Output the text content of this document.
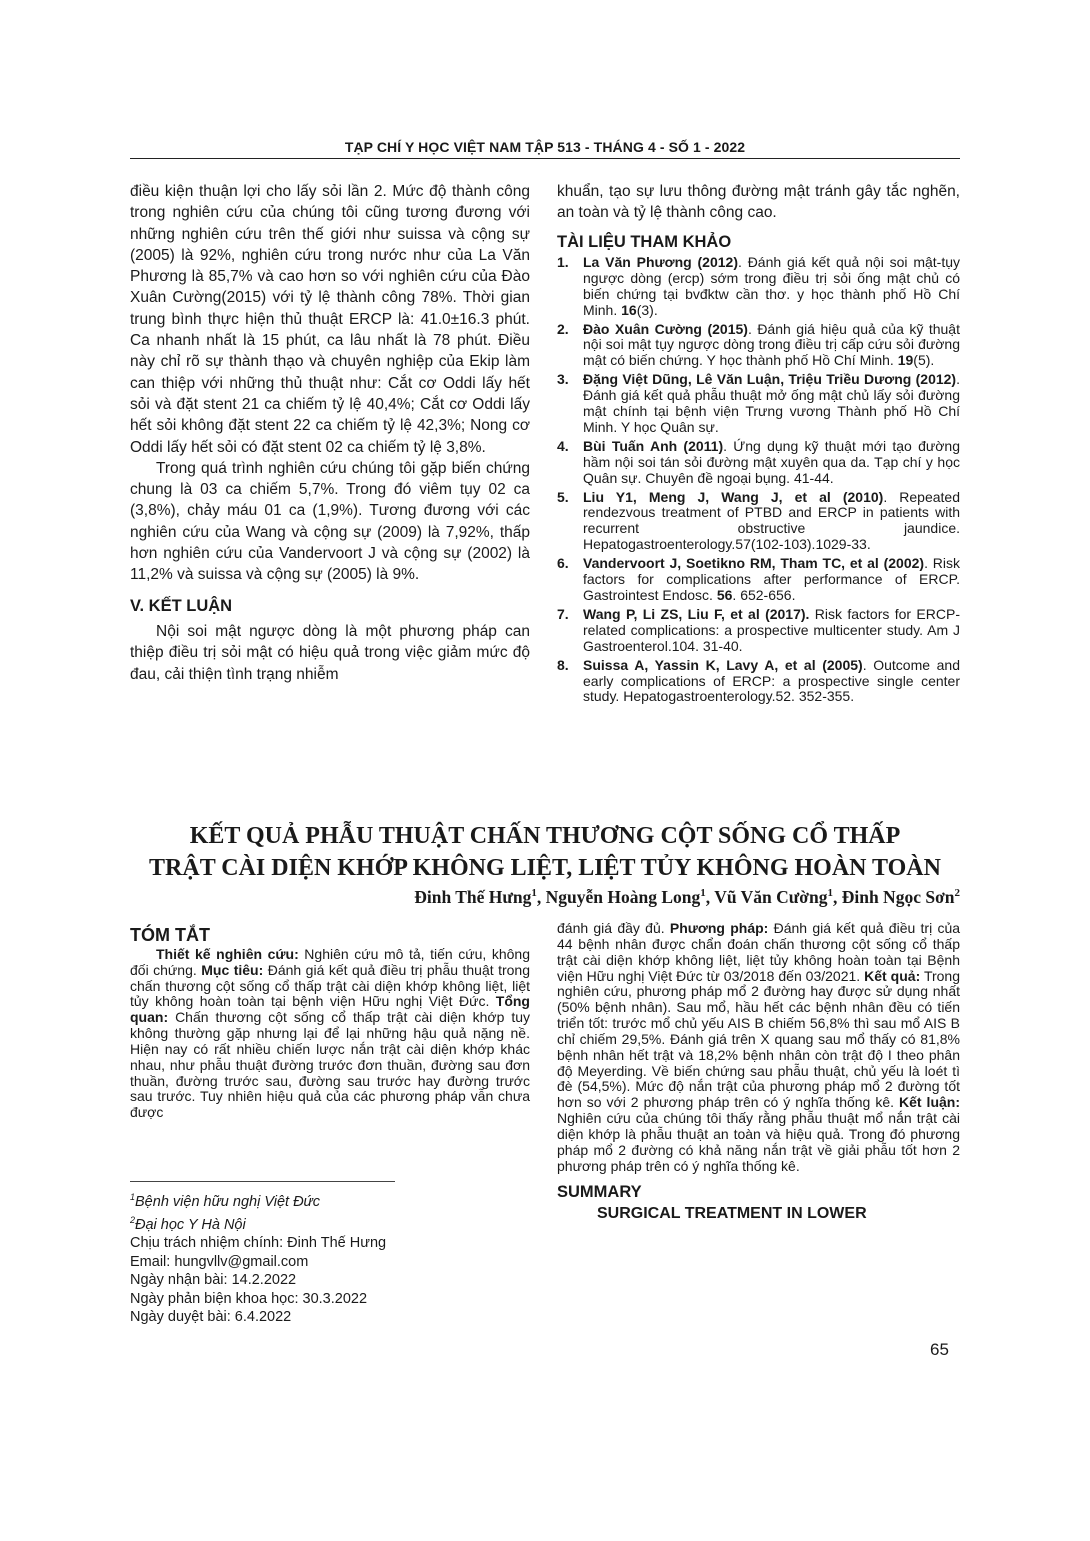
TẠP CHÍ Y HỌC VIỆT NAM TẬP 513 - THÁNG 4 - SỐ 1 - 2022

điều kiện thuận lợi cho lấy sỏi lần 2. Mức độ thành công trong nghiên cứu của chúng tôi cũng tương đương với những nghiên cứu trên thế giới như suissa và cộng sự (2005) là 92%, nghiên cứu trong nước như của La Văn Phương là 85,7% và cao hơn so với nghiên cứu của Đào Xuân Cường(2015) với tỷ lệ thành công 78%. Thời gian trung bình thực hiện thủ thuật ERCP là: 41.0±16.3 phút. Ca nhanh nhất là 15 phút, ca lâu nhất là 78 phút. Điều này chỉ rõ sự thành thạo và chuyên nghiệp của Ekip làm can thiệp với những thủ thuật như: Cắt cơ Oddi lấy hết sỏi và đặt stent 21 ca chiếm tỷ lệ 40,4%; Cắt cơ Oddi lấy hết sỏi không đặt stent 22 ca chiếm tỷ lệ 42,3%; Nong cơ Oddi lấy hết sỏi có đặt stent 02 ca chiếm tỷ lệ 3,8%.

Trong quá trình nghiên cứu chúng tôi gặp biến chứng chung là 03 ca chiếm 5,7%. Trong đó viêm tụy 02 ca (3,8%), chảy máu 01 ca (1,9%). Tương đương với các nghiên cứu của Wang và cộng sự (2009) là 7,92%, thấp hơn nghiên cứu của Vandervoort J và cộng sự (2002) là 11,2% và suissa và cộng sự (2005) là 9%.

V. KẾT LUẬN

Nội soi mật ngược dòng là một phương pháp can thiệp điều trị sỏi mật có hiệu quả trong việc giảm mức độ đau, cải thiện tình trạng nhiễm

khuẩn, tạo sự lưu thông đường mật tránh gây tắc nghẽn, an toàn và tỷ lệ thành công cao.

TÀI LIỆU THAM KHẢO
1. La Văn Phương (2012). Đánh giá kết quả nội soi mật-tụy ngược dòng (ercp) sớm trong điều trị sỏi ống mật chủ có biến chứng tại bvđktw cần thơ. y học thành phố Hồ Chí Minh. 16(3).
2. Đào Xuân Cường (2015). Đánh giá hiệu quả của kỹ thuật nội soi mật tụy ngược dòng trong điều trị cấp cứu sỏi đường mật có biến chứng. Y học thành phố Hồ Chí Minh. 19(5).
3. Đặng Việt Dũng, Lê Văn Luận, Triệu Triều Dương (2012). Đánh giá kết quả phẫu thuật mở ống mật chủ lấy sỏi đường mật chính tại bệnh viện Trưng vương Thành phố Hồ Chí Minh. Y học Quân sự.
4. Bùi Tuấn Anh (2011). Ứng dụng kỹ thuật mới tạo đường hầm nội soi tán sỏi đường mật xuyên qua da. Tạp chí y học Quân sự. Chuyên đề ngoại bụng. 41-44.
5. Liu Y1, Meng J, Wang J, et al (2010). Repeated rendezvous treatment of PTBD and ERCP in patients with recurrent obstructive jaundice. Hepatogastroenterology.57(102-103).1029-33.
6. Vandervoort J, Soetikno RM, Tham TC, et al (2002). Risk factors for complications after performance of ERCP. Gastrointest Endosc. 56. 652-656.
7. Wang P, Li ZS, Liu F, et al (2017). Risk factors for ERCP-related complications: a prospective multicenter study. Am J Gastroenterol.104. 31-40.
8. Suissa A, Yassin K, Lavy A, et al (2005). Outcome and early complications of ERCP: a prospective single center study. Hepatogastroenterology.52. 352-355.
KẾT QUẢ PHẪU THUẬT CHẤN THƯƠNG CỘT SỐNG CỔ THẤP
TRẬT CÀI DIỆN KHỚP KHÔNG LIỆT, LIỆT TỦY KHÔNG HOÀN TOÀN
Đinh Thế Hưng$^1$, Nguyễn Hoàng Long$^1$, Vũ Văn Cường$^1$, Đinh Ngọc Sơn$^2$
TÓM TẮT

Thiết kế nghiên cứu: Nghiên cứu mô tả, tiến cứu, không đối chứng. Mục tiêu: Đánh giá kết quả điều trị phẫu thuật trong chấn thương cột sống cổ thấp trật cài diện khớp không liệt, liệt tủy không hoàn toàn tại bệnh viện Hữu nghị Việt Đức. Tổng quan: Chấn thương cột sống cổ thấp trật cài diện khớp tuy không thường gặp nhưng lại để lại những hậu quả nặng nề. Hiện nay có rất nhiều chiến lược nắn trật cài diện khớp khác nhau, như phẫu thuật đường trước đơn thuần, đường sau đơn thuần, đường trước sau, đường sau trước hay đường trước sau trước. Tuy nhiên hiệu quả của các phương pháp vẫn chưa được

$^1$Bệnh viện hữu nghị Việt Đức
$^2$Đại học Y Hà Nội
Chịu trách nhiệm chính: Đinh Thế Hưng
Email: hungvllv@gmail.com
Ngày nhận bài: 14.2.2022
Ngày phản biện khoa học: 30.3.2022
Ngày duyệt bài: 6.4.2022

đánh giá đầy đủ. Phương pháp: Đánh giá kết quả điều trị của 44 bệnh nhân được chẩn đoán chấn thương cột sống cổ thấp trật cài diện khớp không liệt, liệt tủy không hoàn toàn tại Bệnh viện Hữu nghị Việt Đức từ 03/2018 đến 03/2021. Kết quả: Trong nghiên cứu, phương pháp mổ 2 đường hay được sử dụng nhất (50% bệnh nhân). Sau mổ, hầu hết các bệnh nhân đều có tiến triển tốt: trước mổ chủ yếu AIS B chiếm 56,8% thì sau mổ AIS B chỉ chiếm 29,5%. Đánh giá trên X quang sau mổ thấy có 81,8% bệnh nhân hết trật và 18,2% bệnh nhân còn trật độ I theo phân độ Meyerding. Về biến chứng sau phẫu thuật, chủ yếu là loét tì đè (54,5%). Mức độ nắn trật của phương pháp mổ 2 đường tốt hơn so với 2 phương pháp trên có ý nghĩa thống kê. Kết luận: Nghiên cứu của chúng tôi thấy rằng phẫu thuật mổ nắn trật cài diện khớp là phẫu thuật an toàn và hiệu quả. Trong đó phương pháp mổ 2 đường có khả năng nắn trật về giải phẫu tốt hơn 2 phương pháp trên có ý nghĩa thống kê.

SUMMARY
SURGICAL TREATMENT IN LOWER
65
